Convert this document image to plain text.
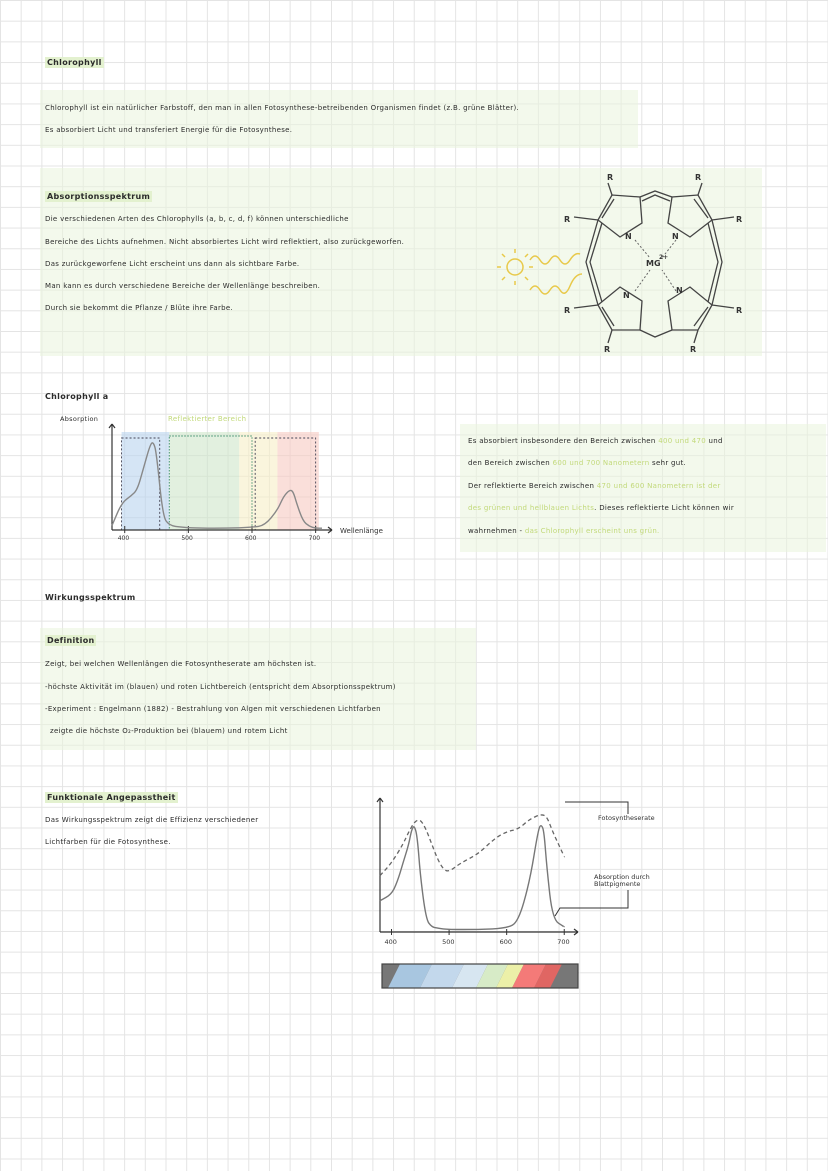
Chlorophyll
Chlorophyll ist ein natürlicher Farbstoff, den man in allen Fotosynthese-betreibenden Organismen findet (z.B. grüne Blätter).
Es absorbiert Licht und transferiert Energie für die Fotosynthese.
Absorptionsspektrum
Die verschiedenen Arten des Chlorophylls (a, b, c, d, f) können unterschiedliche
Bereiche des Lichts aufnehmen. Nicht absorbiertes Licht wird reflektiert, also zurückgeworfen.
Das zurückgeworfene Licht erscheint uns dann als sichtbare Farbe.
Man kann es durch verschiedene Bereiche der Wellenlänge beschreiben.
Durch sie bekommt die Pflanze / Blüte ihre Farbe.
R	R
R	R
R	R
R	R
N	N
N
N
MG
2+
Chlorophyll a
Absorption	Reflektierter Bereich
400	500	600	700
Wellenlänge
Es absorbiert insbesondere den Bereich zwischen 400 und 470 und
den Bereich zwischen 600 und 700 Nanometern sehr gut.
Der reflektierte Bereich zwischen 470 und 600 Nanometern ist der
des grünen und hellblauen Lichts. Dieses reflektierte Licht können wir
wahrnehmen - das Chlorophyll erscheint uns grün.
Wirkungsspektrum
Definition
Zeigt, bei welchen Wellenlängen die Fotosyntheserate am höchsten ist.
-höchste Aktivität im (blauen) und roten Lichtbereich (entspricht dem Absorptionsspektrum)
-Experiment : Engelmann (1882) - Bestrahlung von Algen mit verschiedenen Lichtfarben
zeigte die höchste O₂-Produktion bei (blauem) und rotem Licht
Funktionale Angepasstheit
Das Wirkungsspektrum zeigt die Effizienz verschiedener
Lichtfarben für die Fotosynthese.
400	500	600	700
Fotosyntheserate
Absorption durch
Blattpigmente
